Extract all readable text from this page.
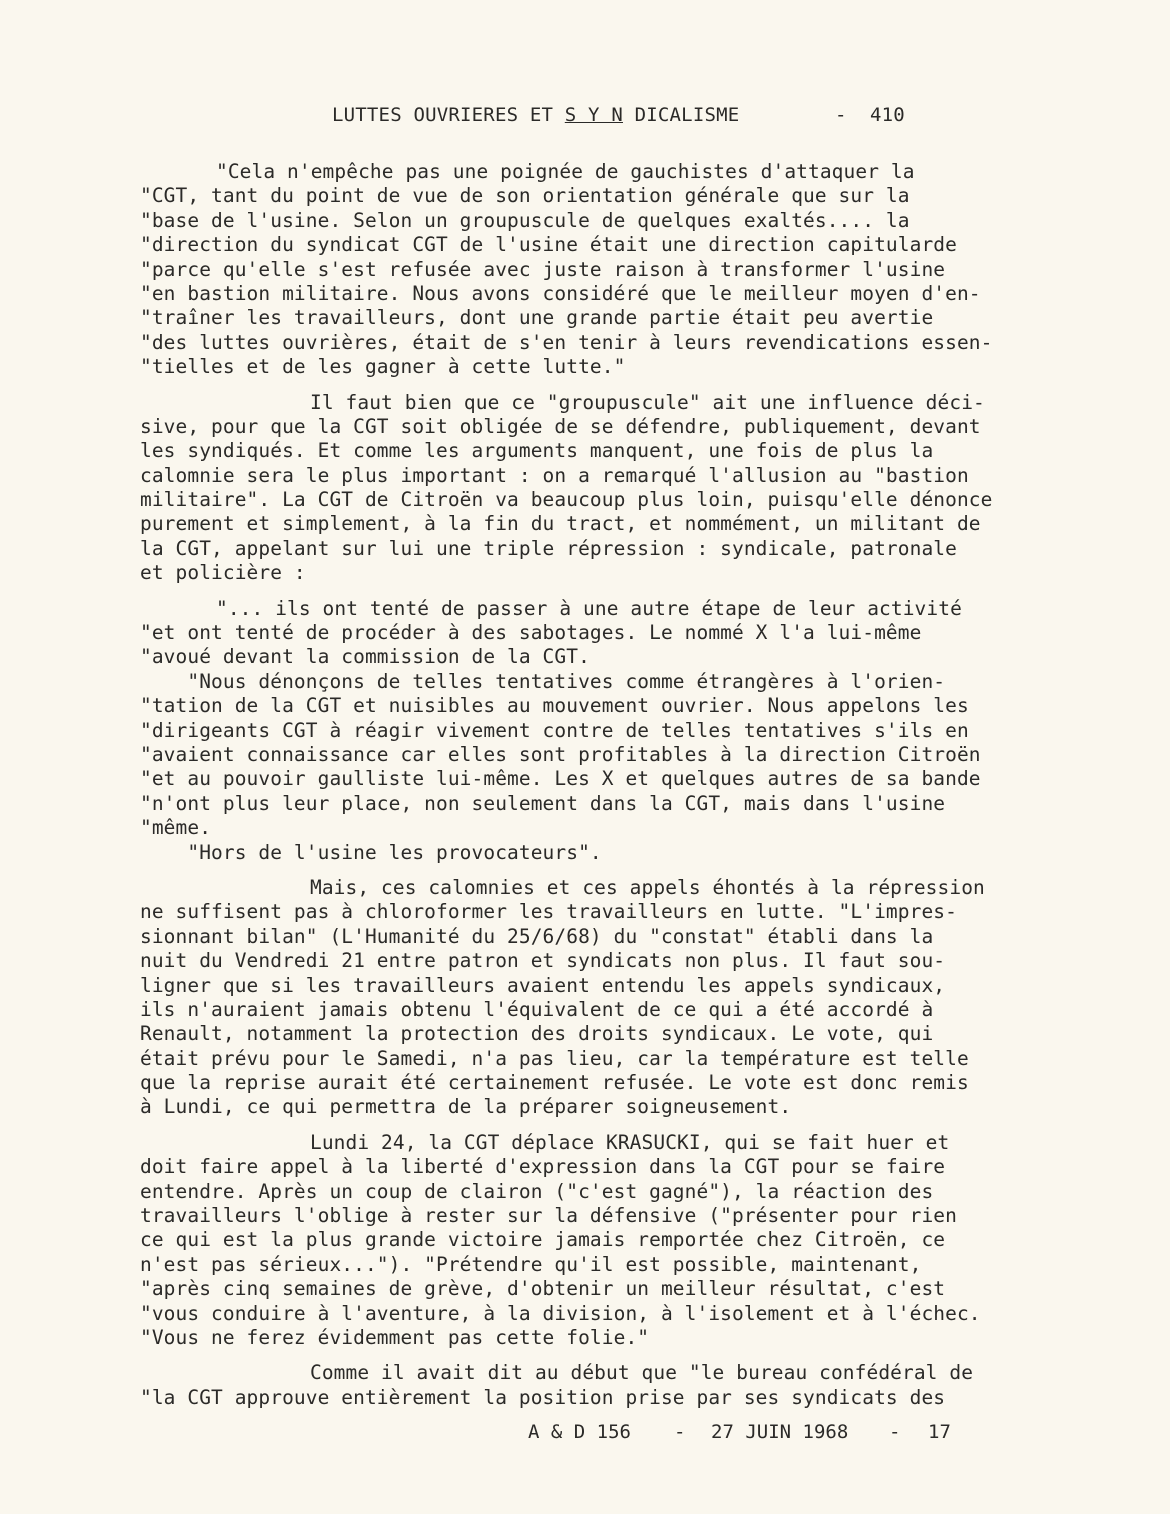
LUTTES OUVRIERES ET S Y N DICALISME	- 410
"Cela n'empêche pas une poignée de gauchistes d'attaquer la
"CGT, tant du point de vue de son orientation générale que sur la
"base de l'usine. Selon un groupuscule de quelques exaltés.... la
"direction du syndicat CGT de l'usine était une direction capitularde
"parce qu'elle s'est refusée avec juste raison à transformer l'usine
"en bastion militaire. Nous avons considéré que le meilleur moyen d'en-
"traîner les travailleurs, dont une grande partie était peu avertie
"des luttes ouvrières, était de s'en tenir à leurs revendications essen-
"tielles et de les gagner à cette lutte."
Il faut bien que ce "groupuscule" ait une influence déci-
sive, pour que la CGT soit obligée de se défendre, publiquement, devant
les syndiqués. Et comme les arguments manquent, une fois de plus la
calomnie sera le plus important : on a remarqué l'allusion au "bastion
militaire". La CGT de Citroën va beaucoup plus loin, puisqu'elle dénonce
purement et simplement, à la fin du tract, et nommément, un militant de
la CGT, appelant sur lui une triple répression : syndicale, patronale
et policière :
"... ils ont tenté de passer à une autre étape de leur activité
"et ont tenté de procéder à des sabotages. Le nommé X l'a lui-même
"avoué devant la commission de la CGT.
"Nous dénonçons de telles tentatives comme étrangères à l'orien-
"tation de la CGT et nuisibles au mouvement ouvrier. Nous appelons les
"dirigeants CGT à réagir vivement contre de telles tentatives s'ils en
"avaient connaissance car elles sont profitables à la direction Citroën
"et au pouvoir gaulliste lui-même. Les X et quelques autres de sa bande
"n'ont plus leur place, non seulement dans la CGT, mais dans l'usine
"même.
"Hors de l'usine les provocateurs".
Mais, ces calomnies et ces appels éhontés à la répression
ne suffisent pas à chloroformer les travailleurs en lutte. "L'impres-
sionnant bilan" (L'Humanité du 25/6/68) du "constat" établi dans la
nuit du Vendredi 21 entre patron et syndicats non plus. Il faut sou-
ligner que si les travailleurs avaient entendu les appels syndicaux,
ils n'auraient jamais obtenu l'équivalent de ce qui a été accordé à
Renault, notamment la protection des droits syndicaux. Le vote, qui
était prévu pour le Samedi, n'a pas lieu, car la température est telle
que la reprise aurait été certainement refusée. Le vote est donc remis
à Lundi, ce qui permettra de la préparer soigneusement.
Lundi 24, la CGT déplace KRASUCKI, qui se fait huer et
doit faire appel à la liberté d'expression dans la CGT pour se faire
entendre. Après un coup de clairon ("c'est gagné"), la réaction des
travailleurs l'oblige à rester sur la défensive ("présenter pour rien
ce qui est la plus grande victoire jamais remportée chez Citroën, ce
n'est pas sérieux..."). "Prétendre qu'il est possible, maintenant,
"après cinq semaines de grève, d'obtenir un meilleur résultat, c'est
"vous conduire à l'aventure, à la division, à l'isolement et à l'échec.
"Vous ne ferez évidemment pas cette folie."
Comme il avait dit au début que "le bureau confédéral de
"la CGT approuve entièrement la position prise par ses syndicats des
A & D 156 - 27 JUIN 1968 - 17
